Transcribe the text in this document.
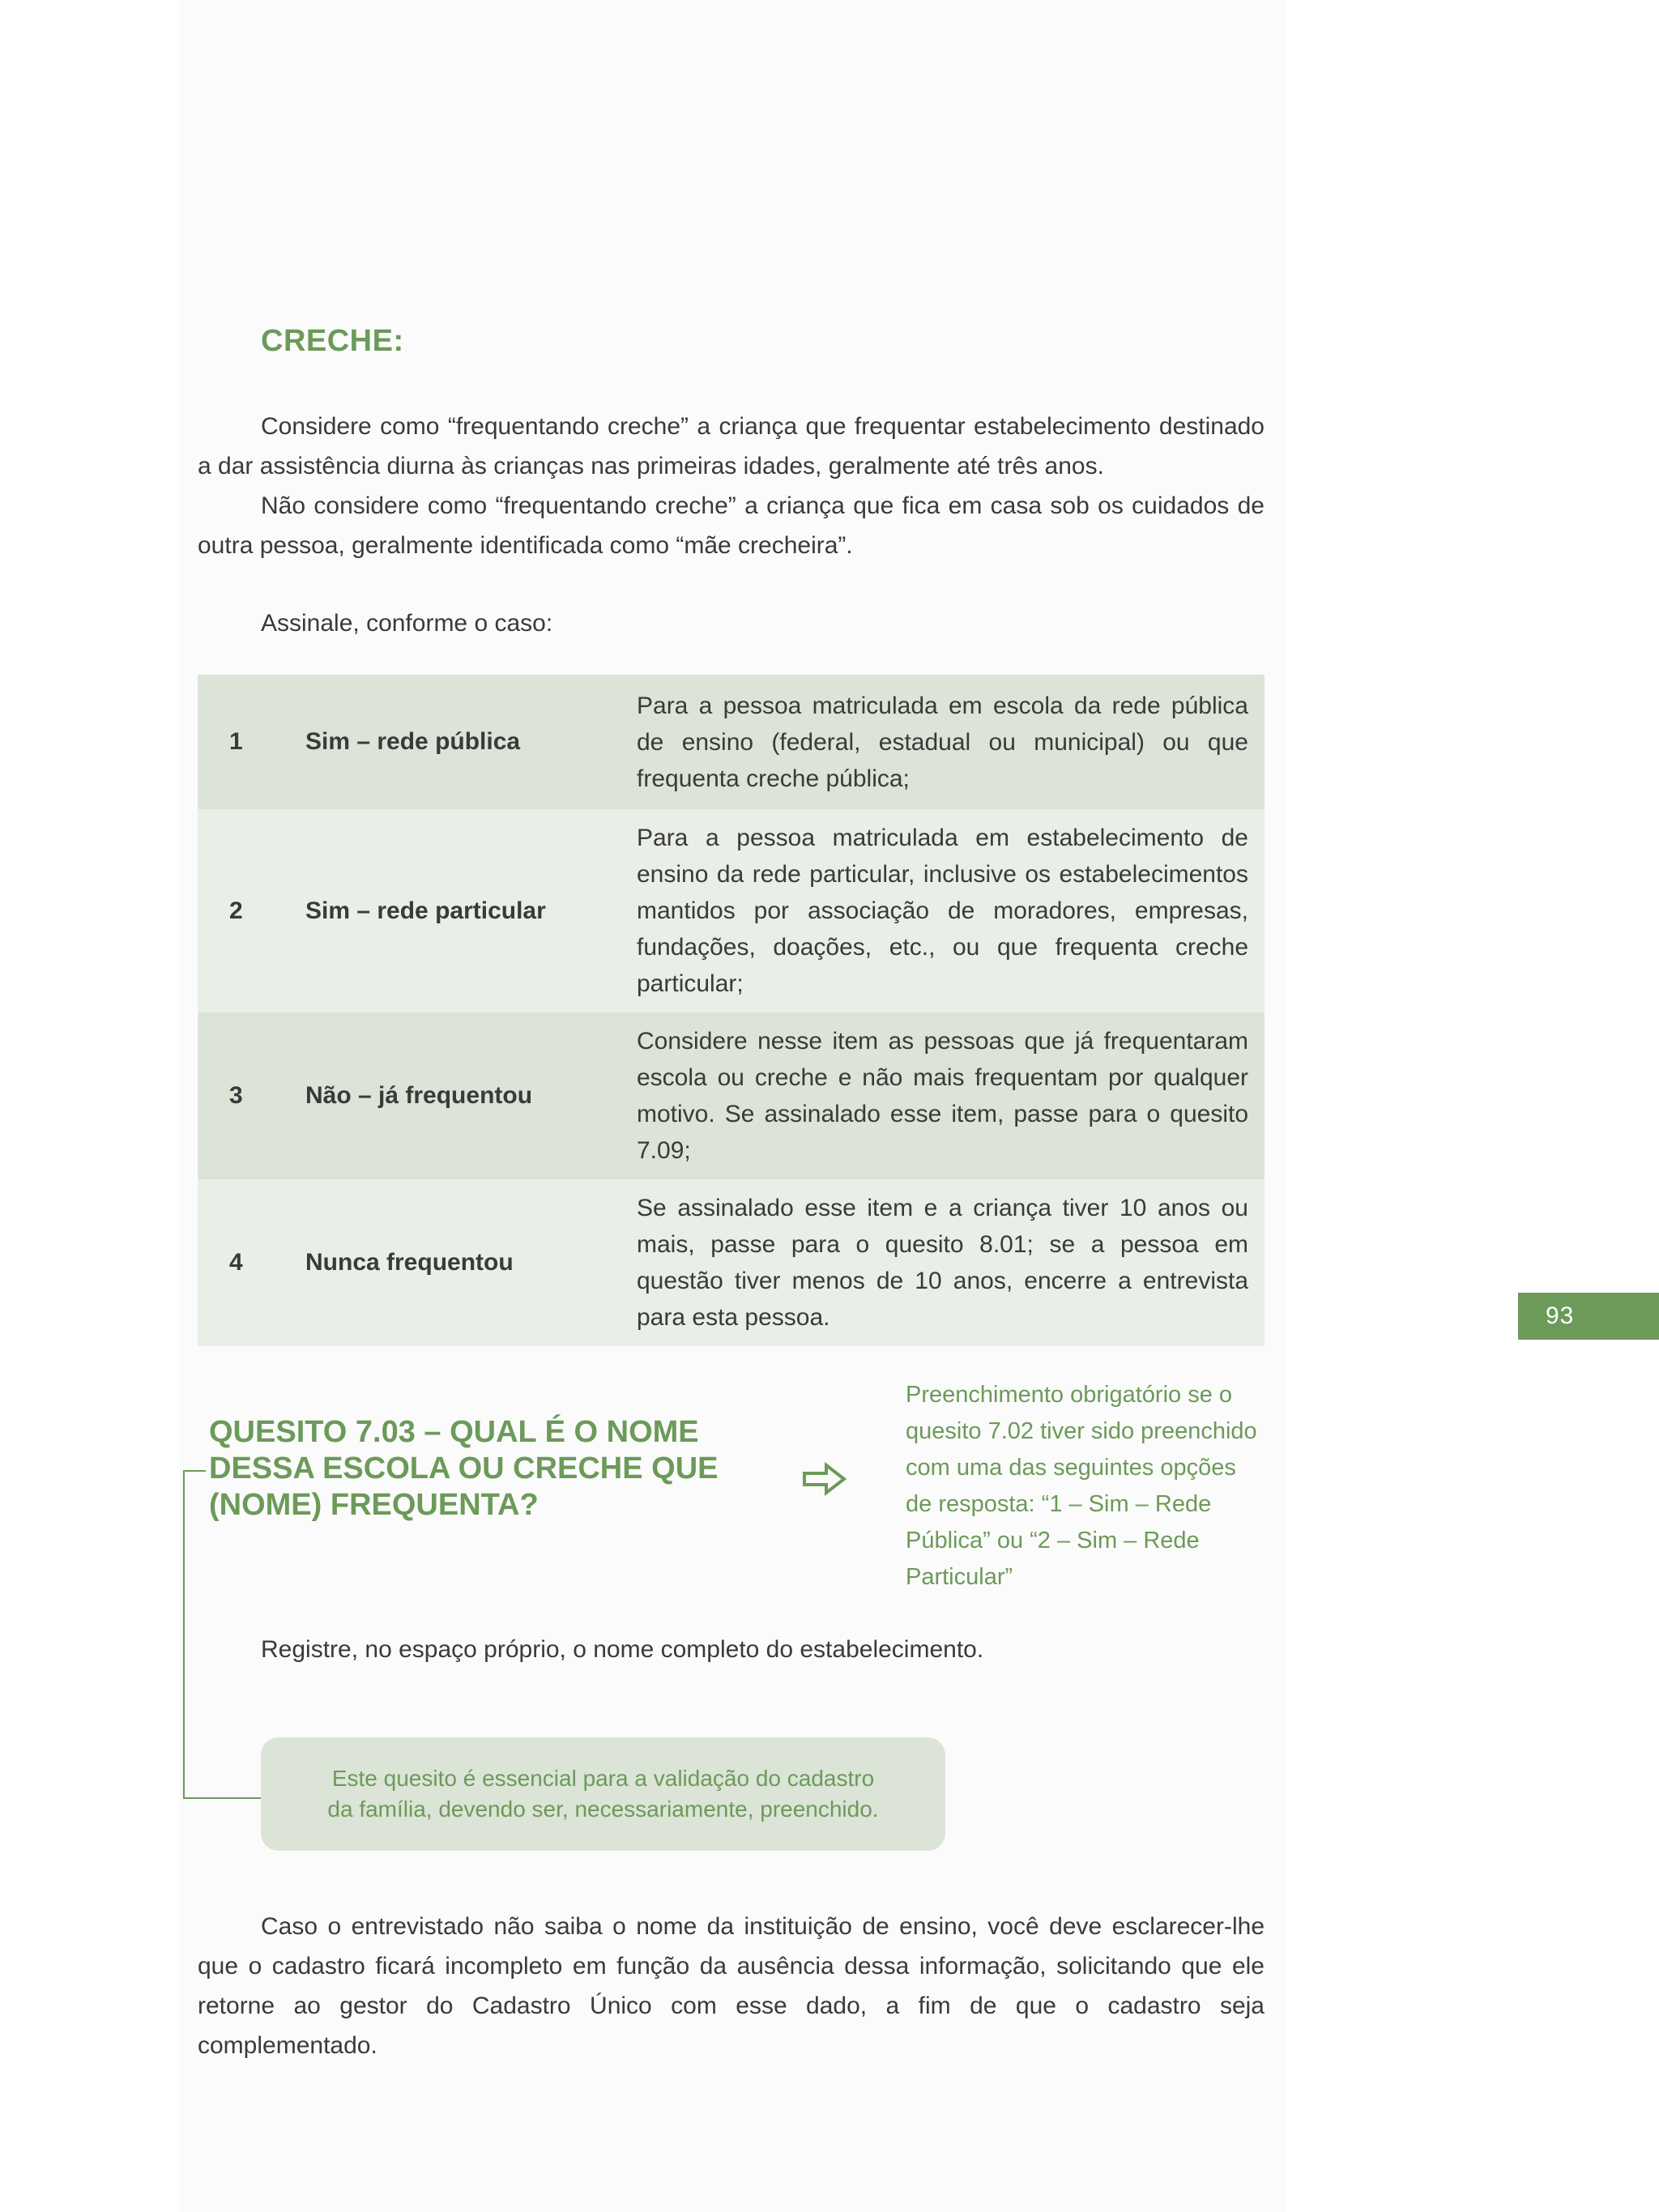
CRECHE:

Considere como “frequentando creche” a criança que frequentar estabelecimento destinado a dar assistência diurna às crianças nas primeiras idades, geralmente até três anos.

Não considere como “frequentando creche” a criança que fica em casa sob os cuidados de outra pessoa, geralmente identificada como “mãe crecheira”.

Assinale, conforme o caso:
1	Sim – rede pública	Para a pessoa matriculada em escola da rede pública de ensino (federal, estadual ou municipal) ou que frequenta creche pública;
2	Sim – rede particular	Para a pessoa matriculada em estabelecimento de ensino da rede particular, inclusive os estabelecimentos mantidos por associação de moradores, empresas, fundações, doações, etc., ou que frequenta creche particular;
3	Não – já frequentou	Considere nesse item as pessoas que já frequentaram escola ou creche e não mais frequentam por qualquer motivo. Se assinalado esse item, passe para o quesito 7.09;
4	Nunca frequentou	Se assinalado esse item e a criança tiver 10 anos ou mais, passe para o quesito 8.01; se a pessoa em questão tiver menos de 10 anos, encerre a entrevista para esta pessoa.	93
QUESITO 7.03 – QUAL É O NOME DESSA ESCOLA OU CRECHE QUE (NOME) FREQUENTA?

Preenchimento obrigatório se o quesito 7.02 tiver sido preenchido com uma das seguintes opções de resposta: “1 – Sim – Rede Pública” ou “2 – Sim – Rede Particular”

Registre, no espaço próprio, o nome completo do estabelecimento.
Este quesito é essencial para a validação do cadastro da família, devendo ser, necessariamente, preenchido.

Caso o entrevistado não saiba o nome da instituição de ensino, você deve esclarecer-lhe que o cadastro ficará incompleto em função da ausência dessa informação, solicitando que ele retorne ao gestor do Cadastro Único com esse dado, a fim de que o cadastro seja complementado.
